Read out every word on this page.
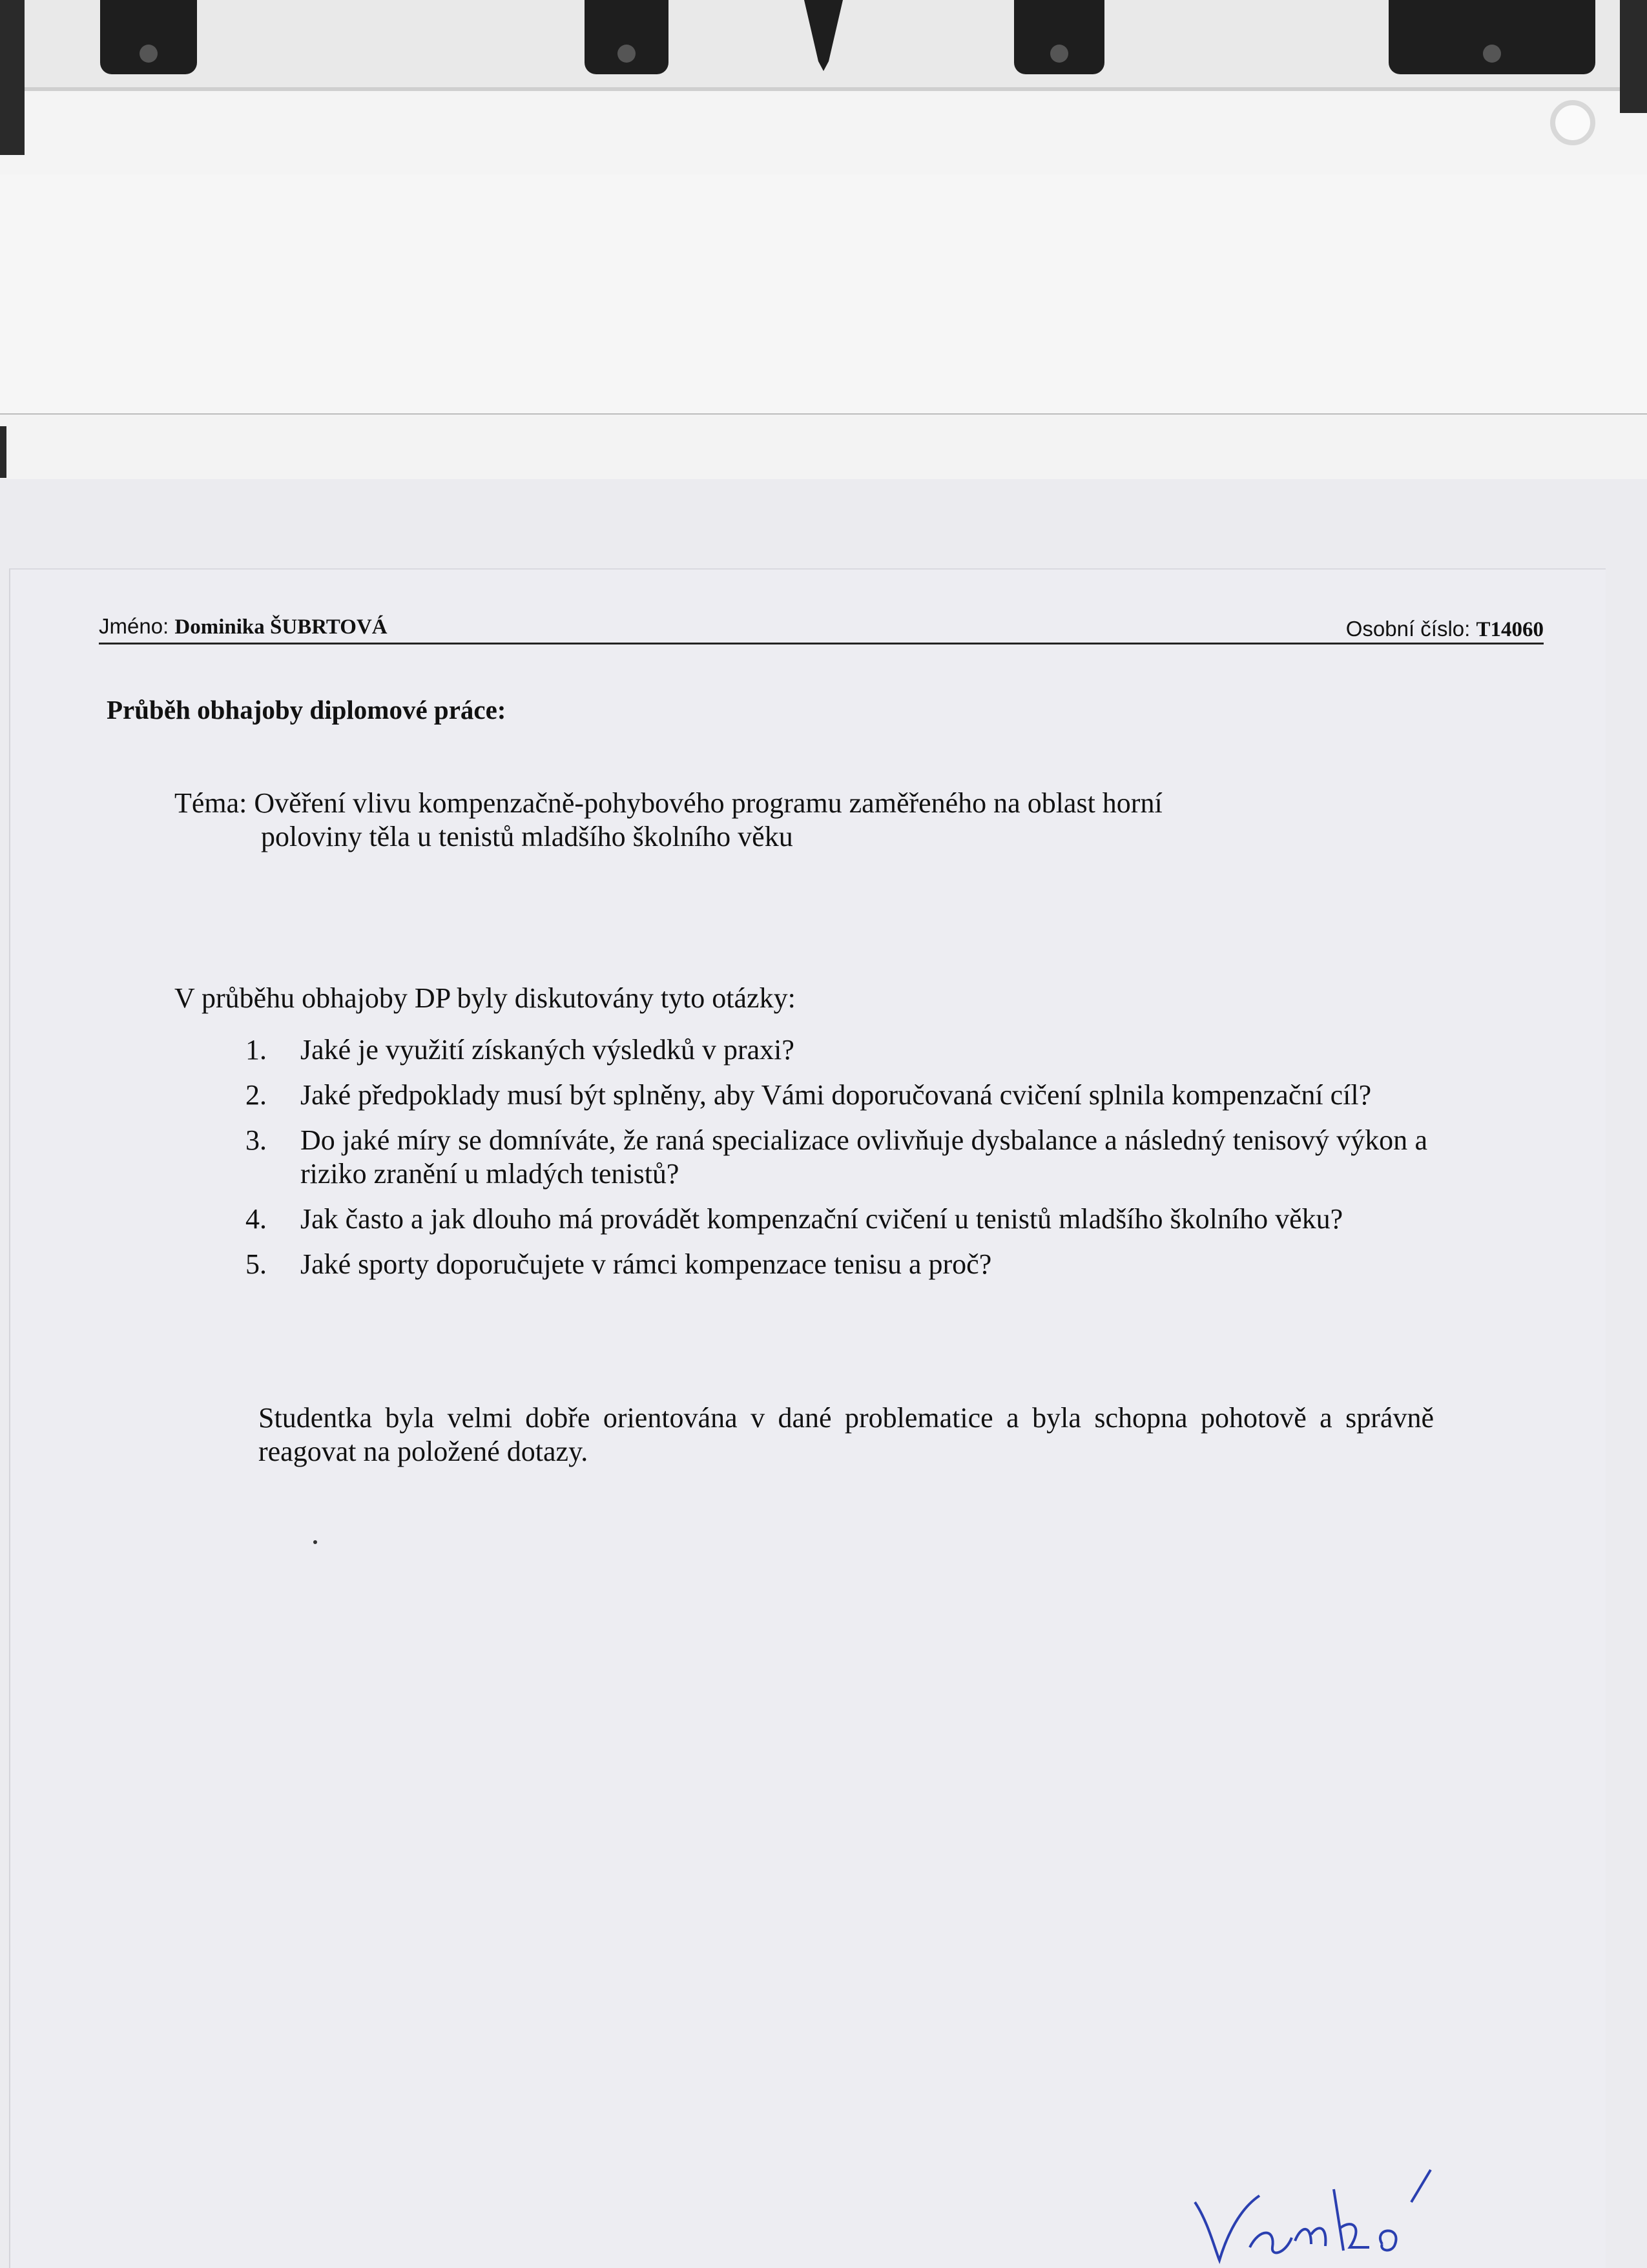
Jméno: Dominika ŠUBRTOVÁ	Osobní číslo: T14060
Průběh obhajoby diplomové práce:
Téma: Ověření vlivu kompenzačně-pohybového programu zaměřeného na oblast horní
poloviny těla u tenistů mladšího školního věku
V průběhu obhajoby DP byly diskutovány tyto otázky:
1. Jaké je využití získaných výsledků v praxi?
2. Jaké předpoklady musí být splněny, aby Vámi doporučovaná cvičení splnila kompenzační cíl?
3. Do jaké míry se domníváte, že raná specializace ovlivňuje dysbalance a následný tenisový výkon a riziko zranění u mladých tenistů?
4. Jak často a jak dlouho má provádět kompenzační cvičení u tenistů mladšího školního věku?
5. Jaké sporty doporučujete v rámci kompenzace tenisu a proč?
Studentka byla velmi dobře orientována v dané problematice a byla schopna pohotově a správně reagovat na položené dotazy.
